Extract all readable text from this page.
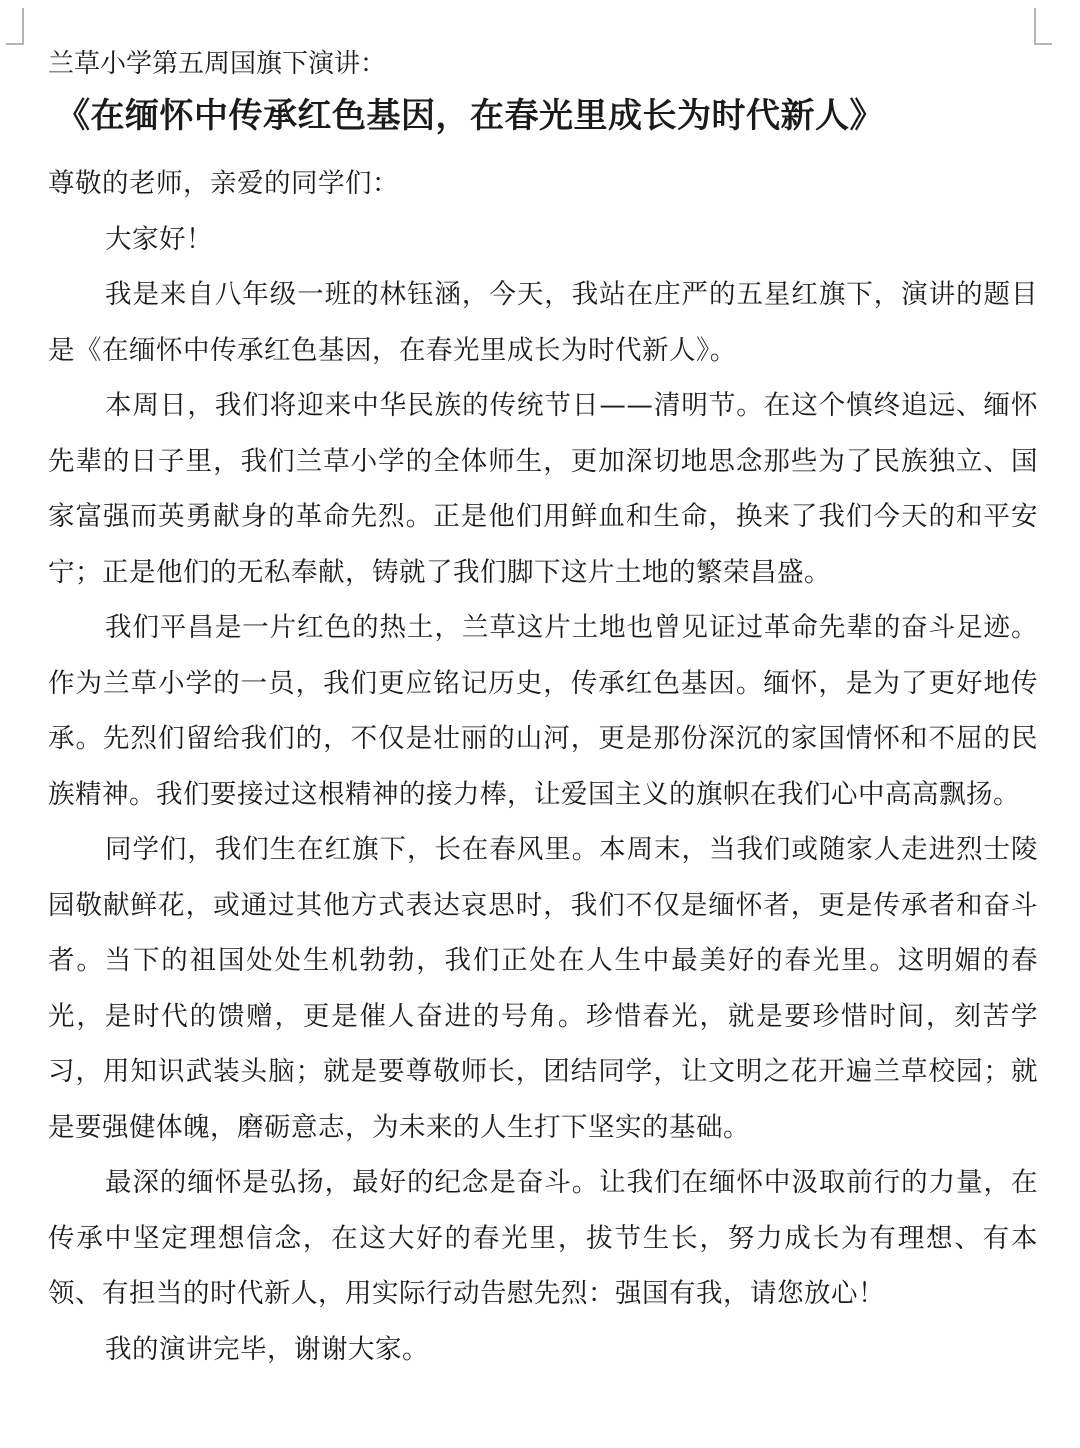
兰草小学第五周国旗下演讲：

《在缅怀中传承红色基因，在春光里成长为时代新人》

尊敬的老师，亲爱的同学们：

大家好！

我是来自八年级一班的林钰涵，今天，我站在庄严的五星红旗下，演讲的题目是《在缅怀中传承红色基因，在春光里成长为时代新人》。

本周日，我们将迎来中华民族的传统节日——清明节。在这个慎终追远、缅怀先辈的日子里，我们兰草小学的全体师生，更加深切地思念那些为了民族独立、国家富强而英勇献身的革命先烈。正是他们用鲜血和生命，换来了我们今天的和平安宁；正是他们的无私奉献，铸就了我们脚下这片土地的繁荣昌盛。

我们平昌是一片红色的热土，兰草这片土地也曾见证过革命先辈的奋斗足迹。作为兰草小学的一员，我们更应铭记历史，传承红色基因。缅怀，是为了更好地传承。先烈们留给我们的，不仅是壮丽的山河，更是那份深沉的家国情怀和不屈的民族精神。我们要接过这根精神的接力棒，让爱国主义的旗帜在我们心中高高飘扬。

同学们，我们生在红旗下，长在春风里。本周末，当我们或随家人走进烈士陵园敬献鲜花，或通过其他方式表达哀思时，我们不仅是缅怀者，更是传承者和奋斗者。当下的祖国处处生机勃勃，我们正处在人生中最美好的春光里。这明媚的春光，是时代的馈赠，更是催人奋进的号角。珍惜春光，就是要珍惜时间，刻苦学习，用知识武装头脑；就是要尊敬师长，团结同学，让文明之花开遍兰草校园；就是要强健体魄，磨砺意志，为未来的人生打下坚实的基础。

最深的缅怀是弘扬，最好的纪念是奋斗。让我们在缅怀中汲取前行的力量，在传承中坚定理想信念，在这大好的春光里，拔节生长，努力成长为有理想、有本领、有担当的时代新人，用实际行动告慰先烈：强国有我，请您放心！

我的演讲完毕，谢谢大家。
